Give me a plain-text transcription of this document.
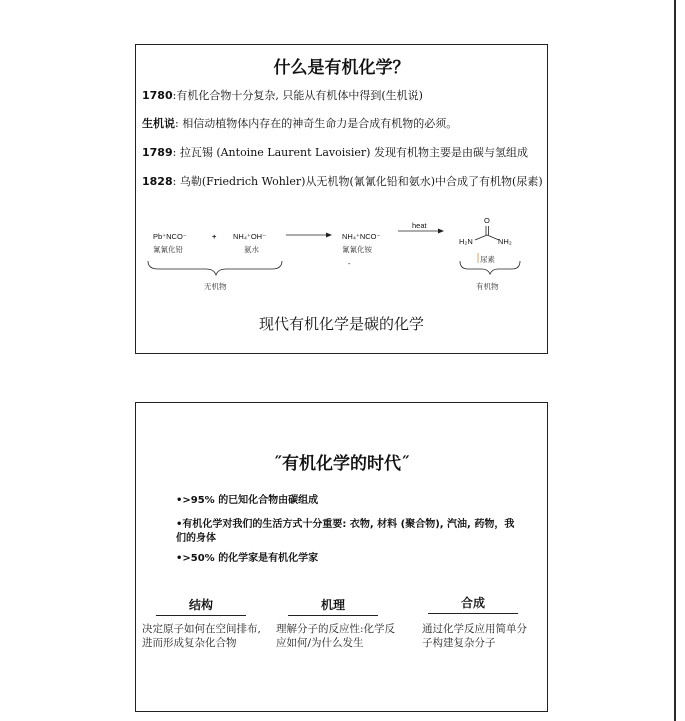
什么是有机化学？
1780:有机化合物十分复杂, 只能从有机体中得到(生机说)
生机说: 相信动植物体内存在的神奇生命力是合成有机物的必须。
1789: 拉瓦锡 (Antoine Laurent Lavoisier) 发现有机物主要是由碳与氢组成
1828: 乌勒(Friedrich Wohler)从无机物(氰氰化铅和氨水)中合成了有机物(尿素)
Pb⁺NCO⁻
氰氰化铅
+ NH₄⁺OH⁻
氨水
NH₄⁺NCO⁻
氰氰化铵
-
heat
O
H₂N	NH₂
尿素
无机物	有机物
现代有机化学是碳的化学
˝有机化学的时代˝
•>95% 的已知化合物由碳组成
•有机化学对我们的生活方式十分重要: 衣物, 材料 (聚合物), 汽油, 药物，我们的身体
•>50% 的化学家是有机化学家
结构
决定原子如何在空间排布, 进而形成复杂化合物
机理
理解分子的反应性:化学反应如何/为什么发生
合成
通过化学反应用简单分子构建复杂分子
